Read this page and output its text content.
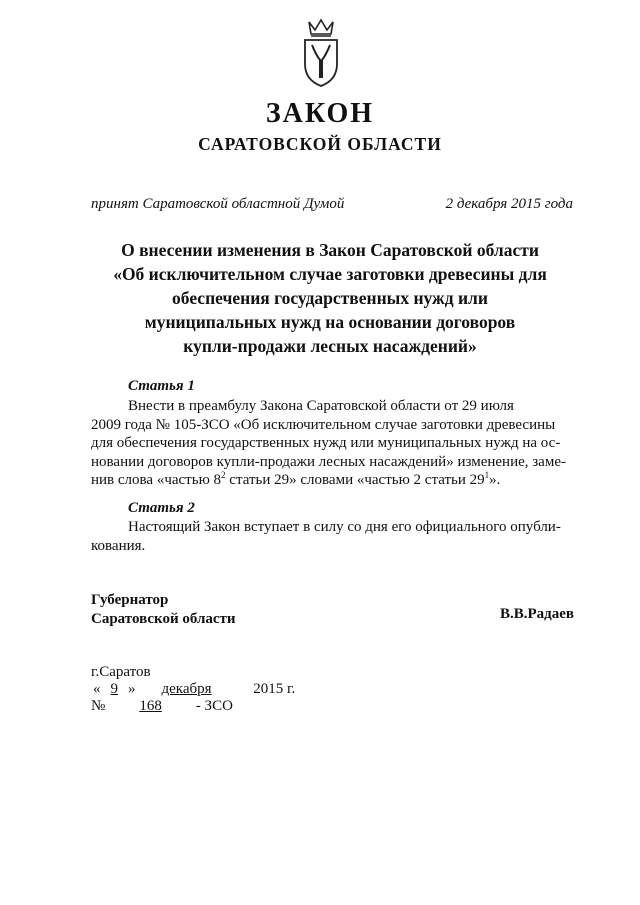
ЗАКОН
САРАТОВСКОЙ ОБЛАСТИ
принят Саратовской областной Думой	2 декабря 2015 года
О внесении изменения в Закон Саратовской области
«Об исключительном случае заготовки древесины для
обеспечения государственных нужд или
муниципальных нужд на основании договоров
купли-продажи лесных насаждений»
Статья 1
Внести в преамбулу Закона Саратовской области от 29 июля
2009 года № 105-ЗСО «Об исключительном случае заготовки древесины
для обеспечения государственных нужд или муниципальных нужд на ос-
новании договоров купли-продажи лесных насаждений» изменение, заме-
нив слова «частью $8^2$ статьи 29» словами «частью 2 статьи $29^1$».
Статья 2
Настоящий Закон вступает в силу со дня его официального опубли-
кования.
Губернатор
Саратовской области	В.В.Радаев
г.Саратов
« 9 » декабря	2015 г.
№ 168 - ЗСО
